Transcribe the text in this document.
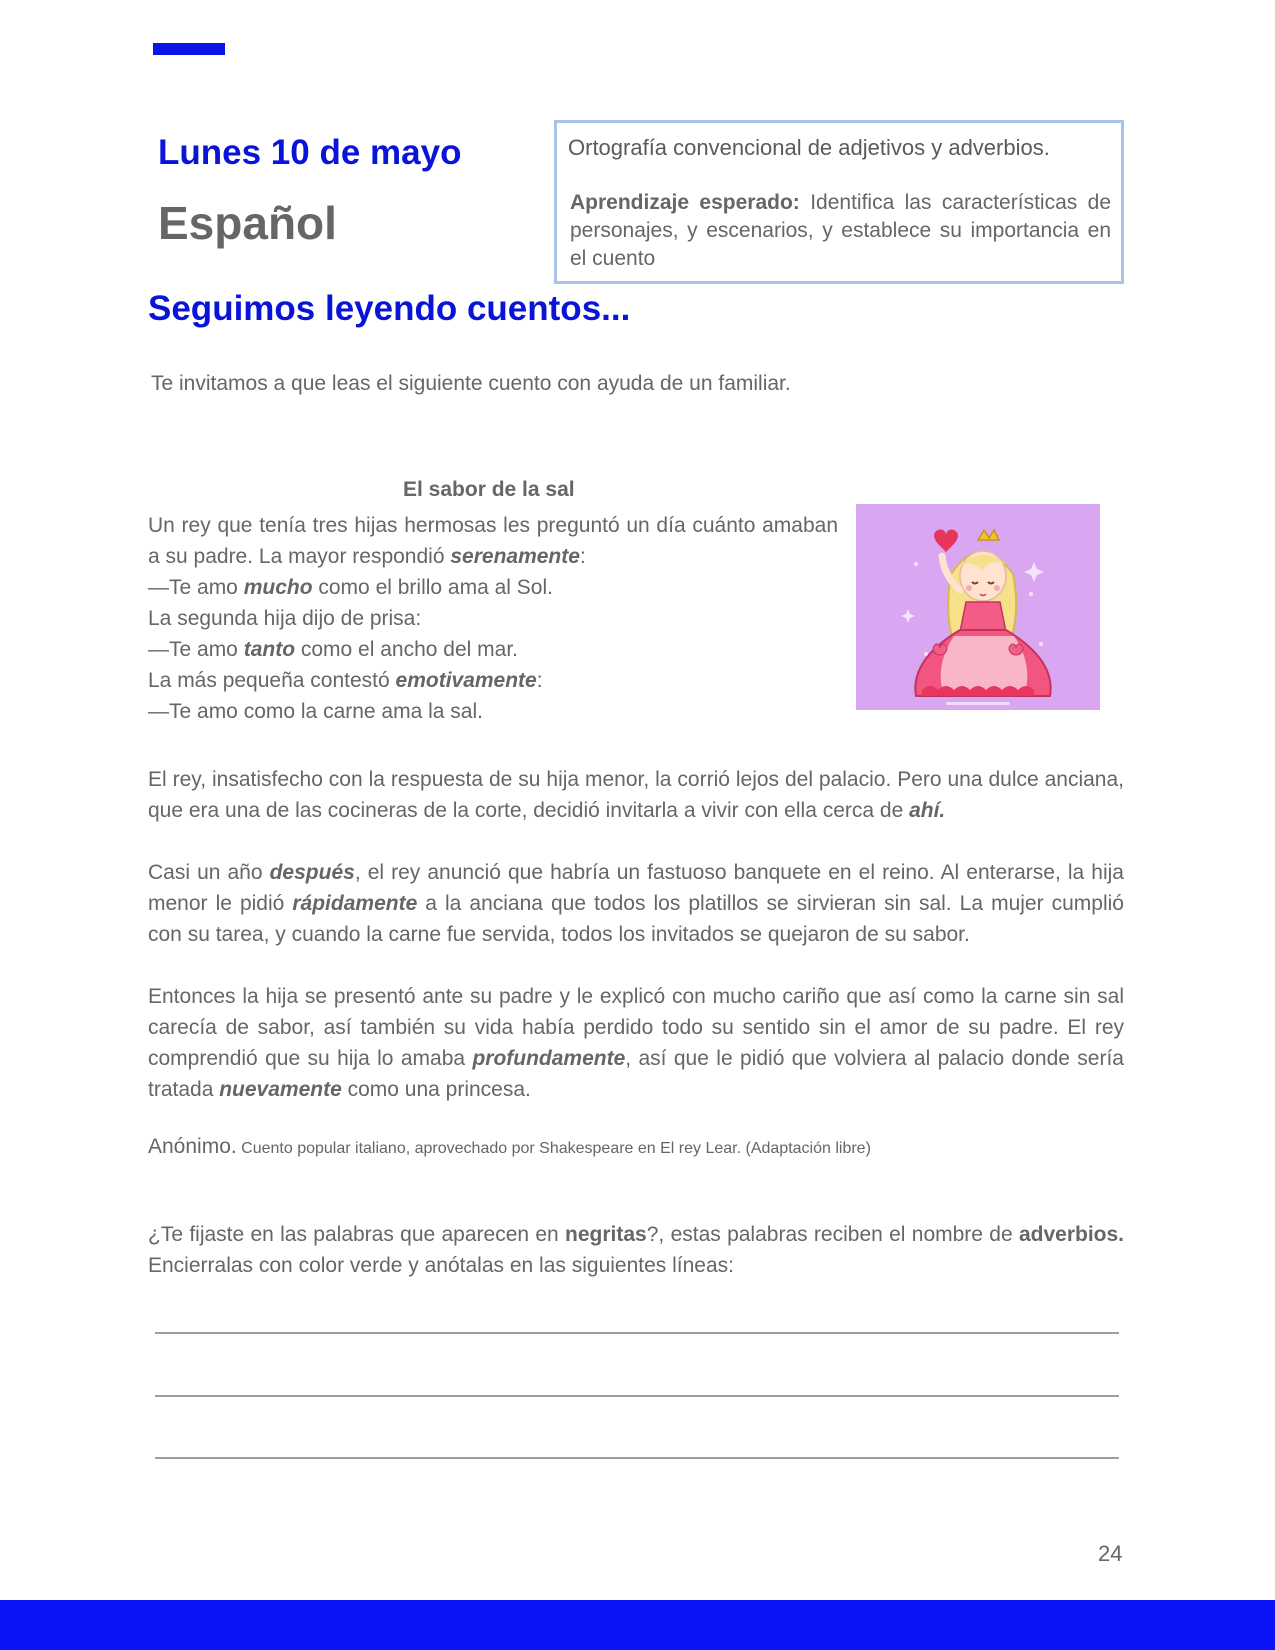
Lunes 10 de mayo
Español
Ortografía convencional de adjetivos y adverbios.
Aprendizaje esperado: Identifica las características de personajes, y escenarios, y establece su importancia en el cuento
Seguimos leyendo cuentos...
Te invitamos a que leas el siguiente cuento con ayuda de un familiar.
El sabor de la sal
Un rey que tenía tres hijas hermosas les preguntó un día cuánto amaban a su padre. La mayor respondió serenamente:
—Te amo mucho como el brillo ama al Sol.
La segunda hija dijo de prisa:
—Te amo tanto como el ancho del mar.
La más pequeña contestó emotivamente:
—Te amo como la carne ama la sal.
El rey, insatisfecho con la respuesta de su hija menor, la corrió lejos del palacio. Pero una dulce anciana, que era una de las cocineras de la corte, decidió invitarla a vivir con ella cerca de ahí.
Casi un año después, el rey anunció que habría un fastuoso banquete en el reino. Al enterarse, la hija menor le pidió rápidamente a la anciana que todos los platillos se sirvieran sin sal. La mujer cumplió con su tarea, y cuando la carne fue servida, todos los invitados se quejaron de su sabor.
Entonces la hija se presentó ante su padre y le explicó con mucho cariño que así como la carne sin sal carecía de sabor, así también su vida había perdido todo su sentido sin el amor de su padre. El rey comprendió que su hija lo amaba profundamente, así que le pidió que volviera al palacio donde sería tratada nuevamente como una princesa.
Anónimo. Cuento popular italiano, aprovechado por Shakespeare en El rey Lear. (Adaptación libre)
¿Te fijaste en las palabras que aparecen en negritas?, estas palabras reciben el nombre de adverbios. Encierralas con color verde y anótalas en las siguientes líneas:
24
